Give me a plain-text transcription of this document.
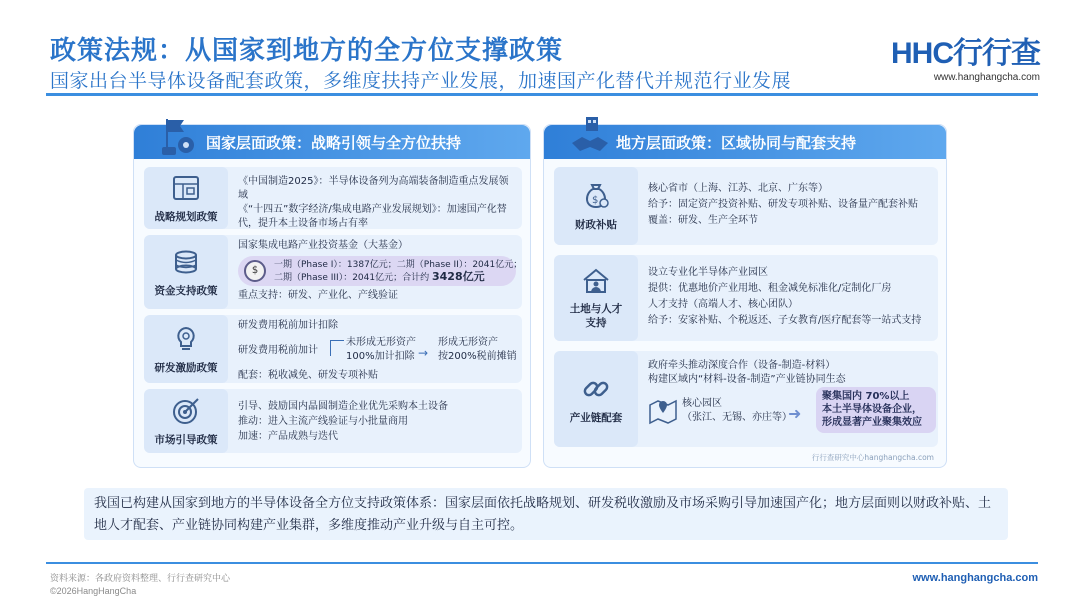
政策法规：从国家到地方的全方位支撑政策
国家出台半导体设备配套政策，多维度扶持产业发展，加速国产化替代并规范行业发展
HHC行行查
www.hanghangcha.com
国家层面政策：战略引领与全方位扶持
战略规划政策
《中国制造2025》：半导体设备列为高端装备制造重点发展领域
《“十四五”数字经济/集成电路产业发展规划》：加速国产化替代，提升本土设备市场占有率
资金支持政策
国家集成电路产业投资基金（大基金）
$	一期（Phase I）：1387亿元；二期（Phase II）：2041亿元；
二期（Phase III）：2041亿元；合计约 3428亿元
重点支持：研发、产业化、产线验证
研发激励政策
研发费用税前加计扣除
研发费用税前加计
未形成无形资产
100%加计扣除 →
形成无形资产
按200%税前摊销
配套：税收减免、研发专项补贴
市场引导政策
引导、鼓励国内晶圆制造企业优先采购本土设备
推动：进入主流产线验证与小批量商用
加速：产品成熟与迭代
地方层面政策：区域协同与配套支持
$
财政补贴
核心省市（上海、江苏、北京、广东等）
给予：固定资产投资补贴、研发专项补贴、设备量产配套补贴
覆盖：研发、生产全环节
土地与人才支持
设立专业化半导体产业园区
提供：优惠地价产业用地、租金减免标准化/定制化厂房
人才支持（高端人才、核心团队）
给予：安家补贴、个税返还、子女教育/医疗配套等一站式支持
产业链配套
政府牵头推动深度合作（设备-制造-材料）
构建区域内“材料-设备-制造”产业链协同生态
核心园区
（张江、无锡、亦庄等）
➜
聚集国内 70%以上
本土半导体设备企业，
形成显著产业聚集效应
行行查研究中心hanghangcha.com
我国已构建从国家到地方的半导体设备全方位支持政策体系：国家层面依托战略规划、研发税收激励及市场采购引导加速国产化；地方层面则以财政补贴、土地人才配套、产业链协同构建产业集群，多维度推动产业升级与自主可控。
资料来源：各政府资料整理、行行查研究中心
©2026HangHangCha
www.hanghangcha.com
